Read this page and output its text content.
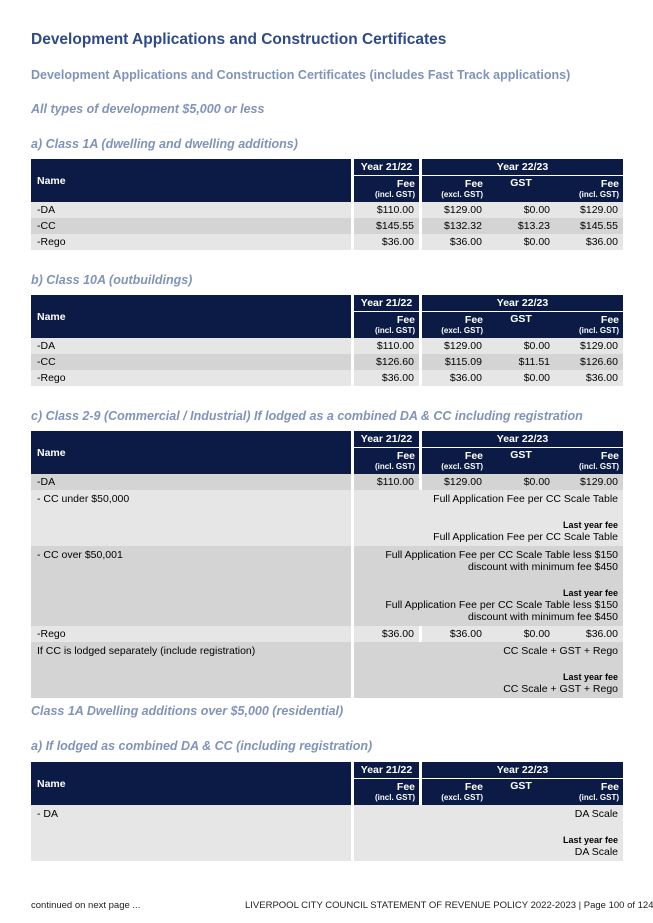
Development Applications and Construction Certificates
Development Applications and Construction Certificates (includes Fast Track applications)
All types of development $5,000 or less
a) Class 1A (dwelling and dwelling additions)
Name	Year 21/22	Year 22/23		
	Fee	Fee	GST	Fee
	(incl. GST)	(excl. GST)		(incl. GST)
-DA	$110.00	$129.00	$0.00	$129.00
-CC	$145.55	$132.32	$13.23	$145.55
-Rego	$36.00	$36.00	$0.00	$36.00
b) Class 10A (outbuildings)
Name	Year 21/22	Year 22/23		
	Fee	Fee	GST	Fee
	(incl. GST)	(excl. GST)		(incl. GST)
-DA	$110.00	$129.00	$0.00	$129.00
-CC	$126.60	$115.09	$11.51	$126.60
-Rego	$36.00	$36.00	$0.00	$36.00
c) Class 2-9 (Commercial / Industrial) If lodged as a combined DA & CC including registration
Name	Year 21/22	Year 22/23		
	Fee	Fee	GST	Fee
	(incl. GST)	(excl. GST)		(incl. GST)
-DA	$110.00	$129.00	$0.00	$129.00
- CC under $50,000	Full Application Fee per CC Scale Table
Last year fee
Full Application Fee per CC Scale Table			
- CC over $50,001	Full Application Fee per CC Scale Table less $150 discount with minimum fee $450
Last year fee
Full Application Fee per CC Scale Table less $150 discount with minimum fee $450			
-Rego	$36.00	$36.00	$0.00	$36.00
If CC is lodged separately (include registration)	CC Scale + GST + Rego
Last year fee
CC Scale + GST + Rego			
Class 1A Dwelling additions over $5,000 (residential)
a) If lodged as combined DA & CC (including registration)
Name	Year 21/22	Year 22/23		
	Fee	Fee	GST	Fee
	(incl. GST)	(excl. GST)		(incl. GST)
- DA	DA Scale
Last year fee
DA Scale			
continued on next page ...	LIVERPOOL CITY COUNCIL STATEMENT OF REVENUE POLICY 2022-2023 | Page 100 of 124
